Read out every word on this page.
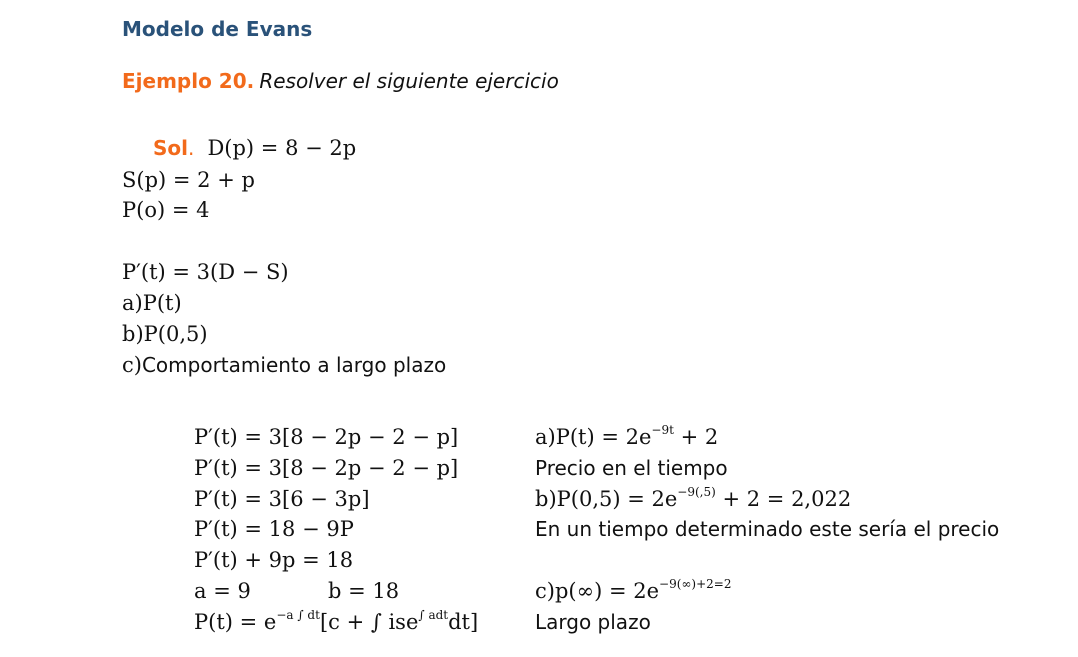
Modelo de Evans
Ejemplo 20. Resolver el siguiente ejercicio
Sol. D(p) = 8 − 2p
S(p) = 2 + p
P(o) = 4
P′(t) = 3(D − S)
a)P(t)
b)P(0,5)
c)Comportamiento a largo plazo
P′(t) = 3[8 − 2p − 2 − p]
P′(t) = 3[8 − 2p − 2 − p]
P′(t) = 3[6 − 3p]
P′(t) = 18 − 9P
P′(t) + 9p = 18
a = 9	b = 18
$P(t) = e^{-a \int dt}[c$ + ∫ ise$^{\int adt}$dt]
$a)P(t) = 2e^{-9t} + 2$
Precio en el tiempo
$b)P(0,5) = 2e^{-9(,5)} + 2 = 2,022$
En un tiempo determinado este sería el precio
$c)p(\infty) = 2e^{-9(\infty)+2=2}$
Largo plazo
